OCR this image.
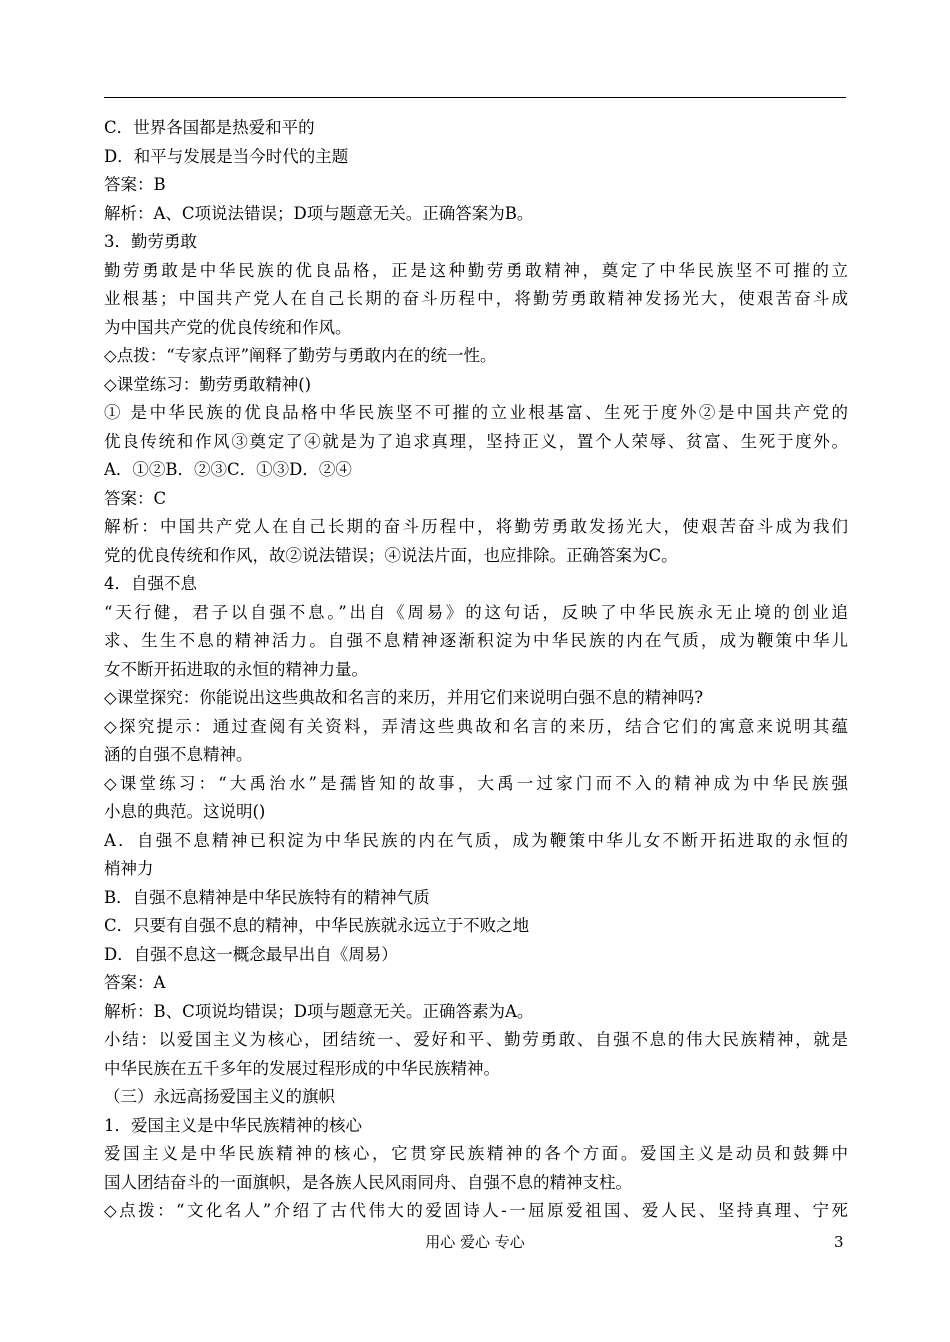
C．世界各国都是热爱和平的
D．和平与发展是当今时代的主题
答案：B
解析：A、C项说法错误；D项与题意无关。正确答案为B。
3．勤劳勇敢
勤劳勇敢是中华民族的优良品格，正是这种勤劳勇敢精神，奠定了中华民族坚不可摧的立
业根基；中国共产党人在自己长期的奋斗历程中，将勤劳勇敢精神发扬光大，使艰苦奋斗成
为中国共产党的优良传统和作风。
◇点拨：“专家点评”阐释了勤劳与勇敢内在的统一性。
◇课堂练习：勤劳勇敢精神()
① 是中华民族的优良品格中华民族坚不可摧的立业根基富、生死于度外②是中国共产党的
优良传统和作风③奠定了④就是为了追求真理，坚持正义，置个人荣辱、贫富、生死于度外。
A．①②B．②③C．①③D．②④
答案：C
解析：中国共产党人在自己长期的奋斗历程中，将勤劳勇敢发扬光大，使艰苦奋斗成为我们
党的优良传统和作风，故②说法错误；④说法片面，也应排除。正确答案为C。
4．自强不息
“天行健，君子以自强不息。”出自《周易》的这句话，反映了中华民族永无止境的创业追
求、生生不息的精神活力。自强不息精神逐渐积淀为中华民族的内在气质，成为鞭策中华儿
女不断开拓进取的永恒的精神力量。
◇课堂探究：你能说出这些典故和名言的来历，并用它们来说明白强不息的精神吗?
◇探究提示：通过查阅有关资料，弄清这些典故和名言的来历，结合它们的寓意来说明其蕴
涵的自强不息精神。
◇课堂练习：“大禹治水”是孺皆知的故事，大禹一过家门而不入的精神成为中华民族强
小息的典范。这说明()
A．自强不息精神已积淀为中华民族的内在气质，成为鞭策中华儿女不断开拓进取的永恒的
梢神力
B．自强不息精神是中华民族特有的精神气质
C．只要有自强不息的精神，中华民族就永远立于不败之地
D．自强不息这一概念最早出自《周易）
答案：A
解析：B、C项说均错误；D项与题意无关。正确答素为A。
小结：以爱国主义为核心，团结统一、爱好和平、勤劳勇敢、自强不息的伟大民族精神，就是
中华民族在五千多年的发展过程形成的中华民族精神。
（三）永远高扬爱国主义的旗帜
1．爱国主义是中华民族精神的核心
爱国主义是中华民族精神的核心，它贯穿民族精神的各个方面。爱国主义是动员和鼓舞中
国人团结奋斗的一面旗帜，是各族人民风雨同舟、自强不息的精神支柱。
◇点拨：“文化名人”介绍了古代伟大的爱固诗人-一屈原爱祖国、爱人民、坚持真理、宁死
用心 爱心 专心	3
